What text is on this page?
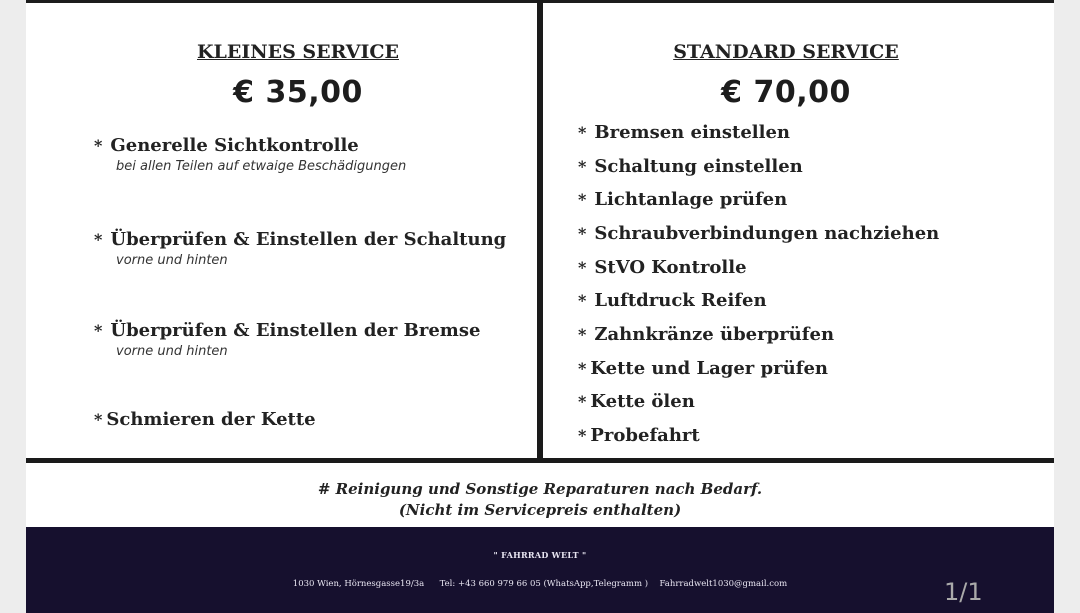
KLEINES SERVICE
€ 35,00
* Generelle Sichtkontrolle
bei allen Teilen auf etwaige Beschädigungen
* Überprüfen & Einstellen der Schaltung
vorne und hinten
* Überprüfen & Einstellen der Bremse
vorne und hinten
* Schmieren der Kette
STANDARD SERVICE
€ 70,00
* Bremsen einstellen
* Schaltung einstellen
* Lichtanlage prüfen
* Schraubverbindungen nachziehen
* StVO Kontrolle
* Luftdruck Reifen
* Zahnkränze überprüfen
* Kette und Lager prüfen
* Kette ölen
* Probefahrt
# Reinigung und Sonstige Reparaturen nach Bedarf.
(Nicht im Servicepreis enthalten)
" FAHRRAD WELT "
1030 Wien, Hörnesgasse19/3a Tel: +43 660 979 66 05 (WhatsApp,Telegramm ) Fahrradwelt1030@gmail.com	1/1
